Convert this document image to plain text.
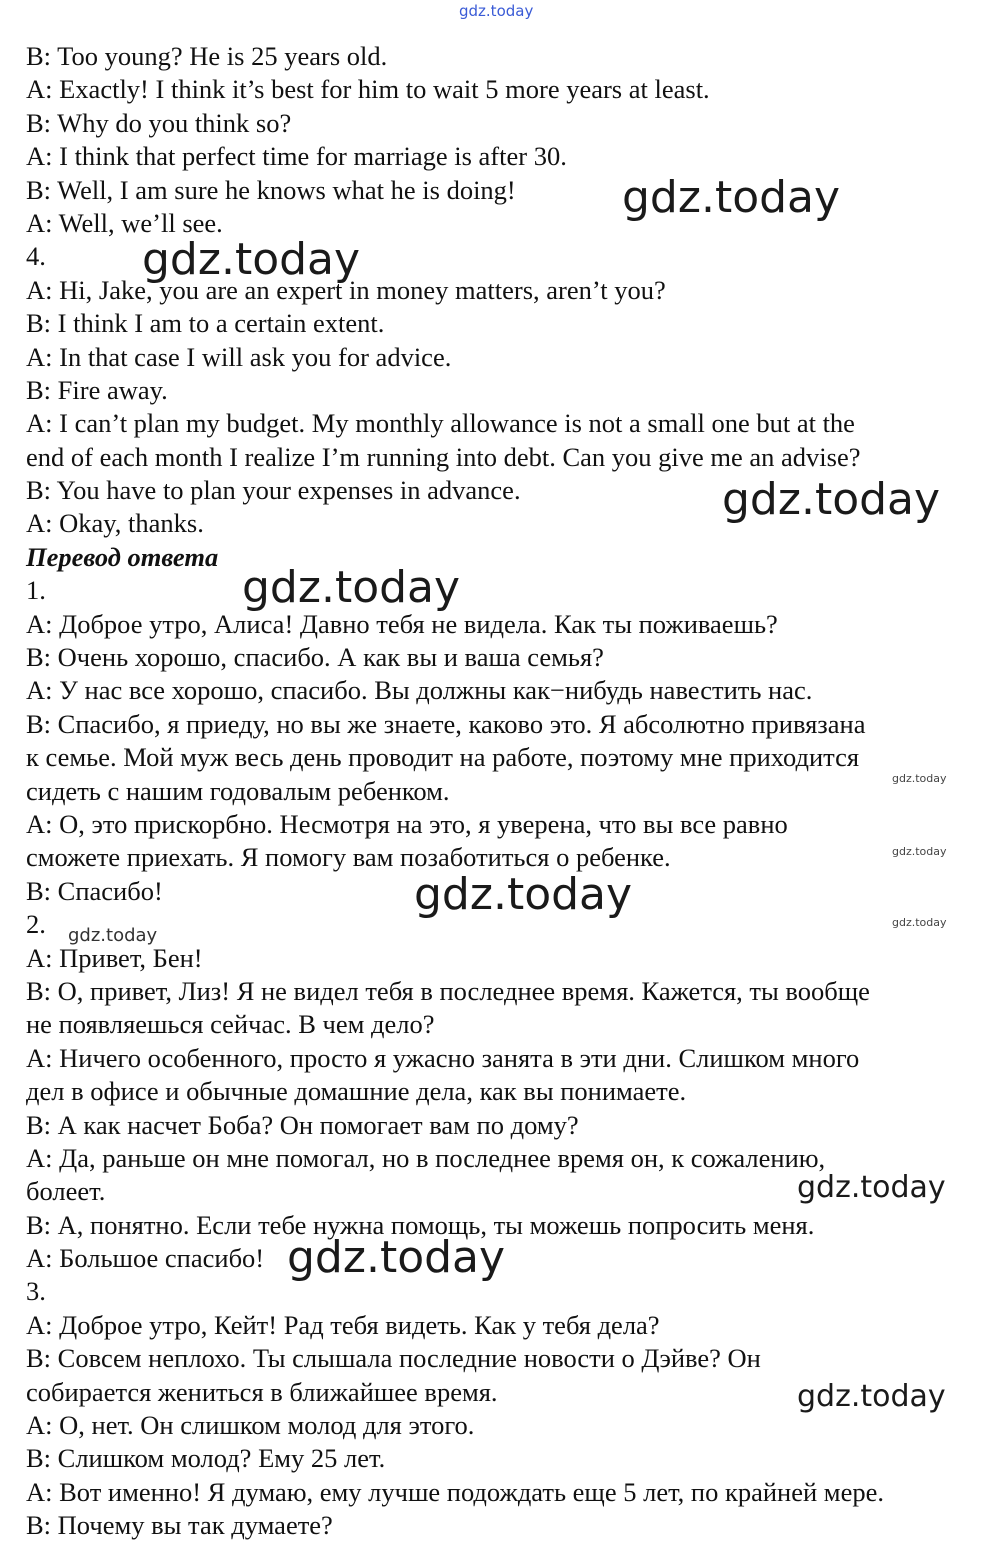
B: Too young? He is 25 years old.
A: Exactly! I think it’s best for him to wait 5 more years at least.
B: Why do you think so?
A: I think that perfect time for marriage is after 30.
B: Well, I am sure he knows what he is doing!
A: Well, we’ll see.
4.
A: Hi, Jake, you are an expert in money matters, aren’t you?
B: I think I am to a certain extent.
A: In that case I will ask you for advice.
B: Fire away.
A: I can’t plan my budget. My monthly allowance is not a small one but at the
end of each month I realize I’m running into debt. Can you give me an advise?
B: You have to plan your expenses in advance.
A: Okay, thanks.
Перевод ответа
1.
A: Доброе утро, Алиса! Давно тебя не видела. Как ты поживаешь?
B: Очень хорошо, спасибо. А как вы и ваша семья?
A: У нас все хорошо, спасибо. Вы должны как−нибудь навестить нас.
B: Спасибо, я приеду, но вы же знаете, каково это. Я абсолютно привязана
к семье. Мой муж весь день проводит на работе, поэтому мне приходится
сидеть с нашим годовалым ребенком.
A: О, это прискорбно. Несмотря на это, я уверена, что вы все равно
сможете приехать. Я помогу вам позаботиться о ребенке.
B: Спасибо!
2.
A: Привет, Бен!
B: О, привет, Лиз! Я не видел тебя в последнее время. Кажется, ты вообще
не появляешься сейчас. В чем дело?
A: Ничего особенного, просто я ужасно занята в эти дни. Слишком много
дел в офисе и обычные домашние дела, как вы понимаете.
B: А как насчет Боба? Он помогает вам по дому?
A: Да, раньше он мне помогал, но в последнее время он, к сожалению,
болеет.
B: А, понятно. Если тебе нужна помощь, ты можешь попросить меня.
A: Большое спасибо!
3.
A: Доброе утро, Кейт! Рад тебя видеть. Как у тебя дела?
B: Совсем неплохо. Ты слышала последние новости о Дэйве? Он
собирается жениться в ближайшее время.
A: О, нет. Он слишком молод для этого.
B: Слишком молод? Ему 25 лет.
A: Вот именно! Я думаю, ему лучше подождать еще 5 лет, по крайней мере.
B: Почему вы так думаете?
gdz.today
gdz.today
gdz.today
gdz.today
gdz.today
gdz.today
gdz.today
gdz.today
gdz.today
gdz.today
gdz.today
gdz.today
gdz.today
